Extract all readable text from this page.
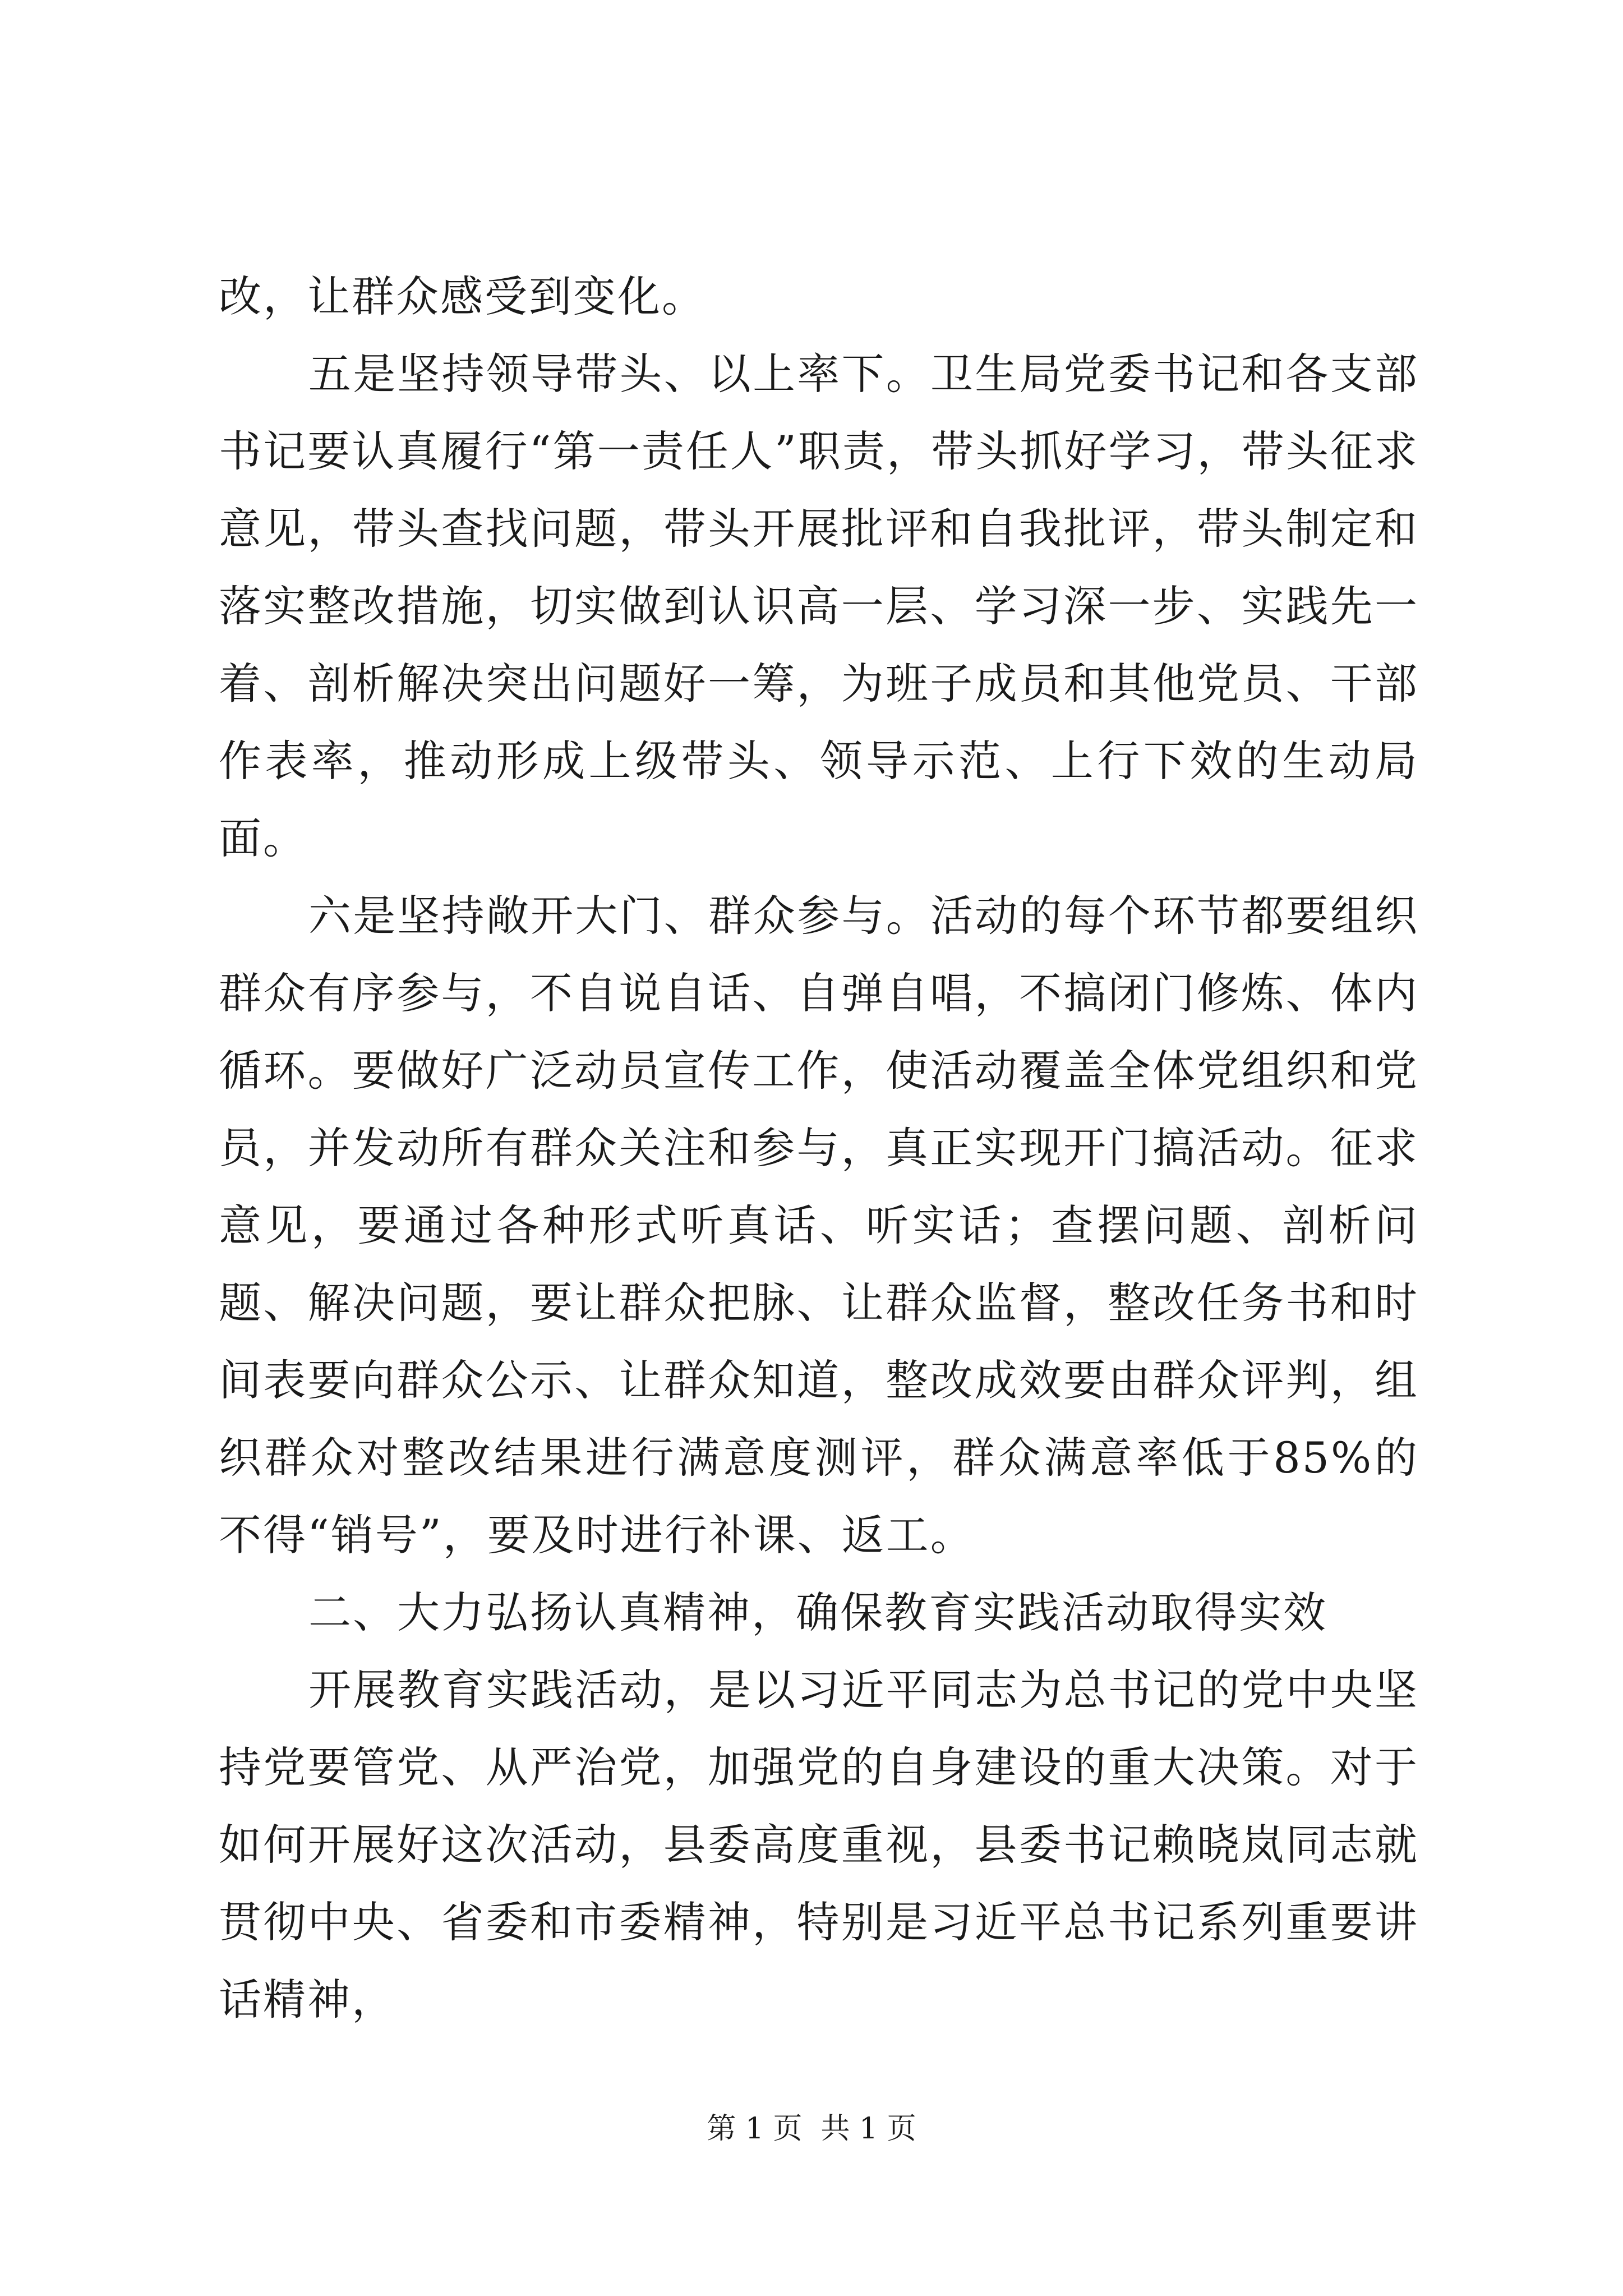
改，让群众感受到变化。

五是坚持领导带头、以上率下。卫生局党委书记和各支部书记要认真履行“第一责任人”职责，带头抓好学习，带头征求意见，带头查找问题，带头开展批评和自我批评，带头制定和落实整改措施，切实做到认识高一层、学习深一步、实践先一着、剖析解决突出问题好一筹，为班子成员和其他党员、干部作表率，推动形成上级带头、领导示范、上行下效的生动局面。

六是坚持敞开大门、群众参与。活动的每个环节都要组织群众有序参与，不自说自话、自弹自唱，不搞闭门修炼、体内循环。要做好广泛动员宣传工作，使活动覆盖全体党组织和党员，并发动所有群众关注和参与，真正实现开门搞活动。征求意见，要通过各种形式听真话、听实话；查摆问题、剖析问题、解决问题，要让群众把脉、让群众监督，整改任务书和时间表要向群众公示、让群众知道，整改成效要由群众评判，组织群众对整改结果进行满意度测评，群众满意率低于85%的不得“销号”，要及时进行补课、返工。

二、大力弘扬认真精神，确保教育实践活动取得实效

开展教育实践活动，是以习近平同志为总书记的党中央坚持党要管党、从严治党，加强党的自身建设的重大决策。对于如何开展好这次活动，县委高度重视，县委书记赖晓岚同志就贯彻中央、省委和市委精神，特别是习近平总书记系列重要讲话精神，

第 1 页  共 1 页
